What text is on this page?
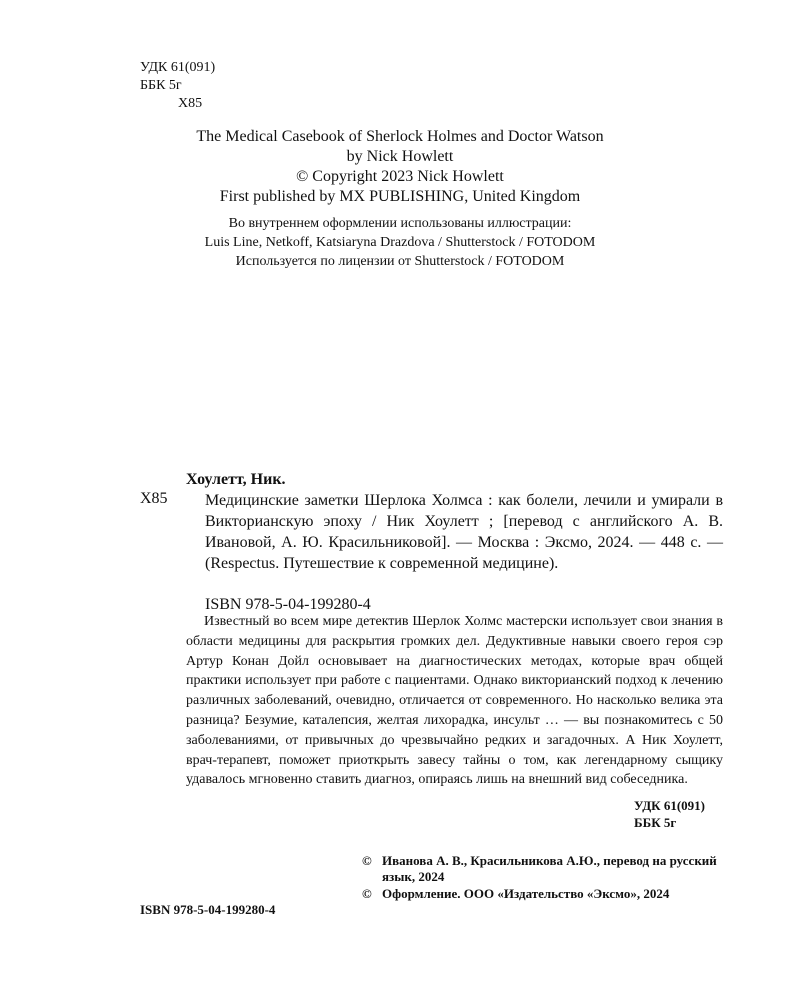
УДК 61(091)
ББК 5г
Х85
The Medical Casebook of Sherlock Holmes and Doctor Watson
by Nick Howlett
© Copyright 2023 Nick Howlett
First published by MX PUBLISHING, United Kingdom
Во внутреннем оформлении использованы иллюстрации:
Luis Line, Netkoff, Katsiaryna Drazdova / Shutterstock / FOTODOM
Используется по лицензии от Shutterstock / FOTODOM
Хоулетт, Ник.
Х85 Медицинские заметки Шерлока Холмса : как болели, лечили и умирали в Викторианскую эпоху / Ник Хоулетт ; [перевод с английского А. В. Ивановой, А. Ю. Красильниковой]. — Москва : Эксмо, 2024. — 448 с. — (Respectus. Путешествие к современной медицине).
ISBN 978-5-04-199280-4
Известный во всем мире детектив Шерлок Холмс мастерски использует свои знания в области медицины для раскрытия громких дел. Дедуктивные навыки своего героя сэр Артур Конан Дойл основывает на диагностических методах, которые врач общей практики использует при работе с пациентами. Однако викторианский подход к лечению различных заболеваний, очевидно, отличается от современного. Но насколько велика эта разница? Безумие, каталепсия, желтая лихорадка, инсульт … — вы познакомитесь с 50 заболеваниями, от привычных до чрезвычайно редких и загадочных. А Ник Хоулетт, врач-терапевт, поможет приоткрыть завесу тайны о том, как легендарному сыщику удавалось мгновенно ставить диагноз, опираясь лишь на внешний вид собеседника.
УДК 61(091)
ББК 5г
© Иванова А. В., Красильникова А.Ю., перевод на русский язык, 2024
© Оформление. ООО «Издательство «Эксмо», 2024
ISBN 978-5-04-199280-4
